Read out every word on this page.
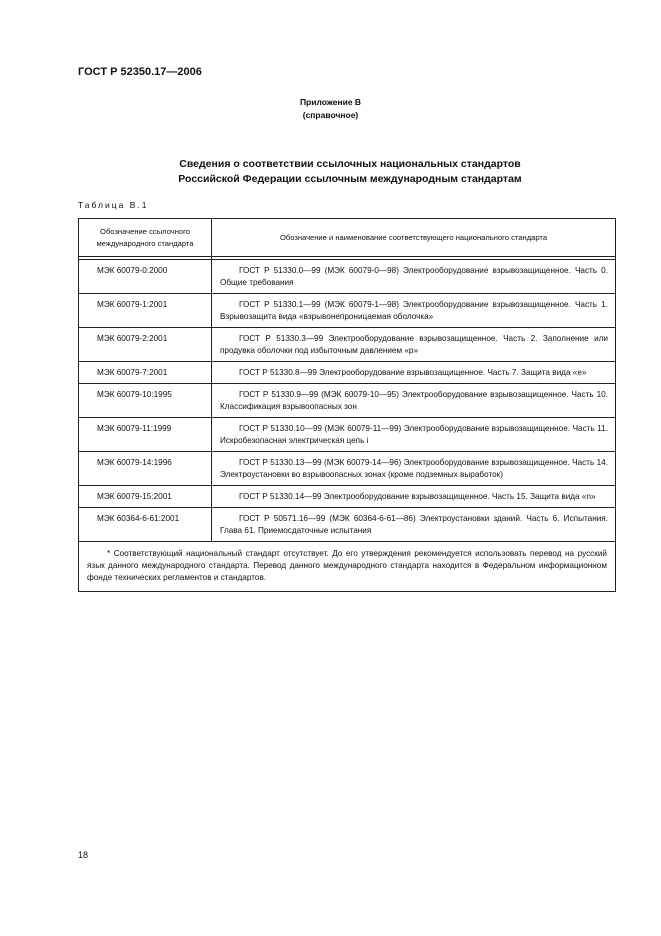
ГОСТ Р 52350.17—2006
Приложение В
(справочное)
Сведения о соответствии ссылочных национальных стандартов
Российской Федерации ссылочным международным стандартам
Таблица В.1
Обозначение ссылочного международного стандарта	Обозначение и наименование соответствующего национального стандарта

МЭК 60079-0:2000	ГОСТ Р 51330.0—99 (МЭК 60079-0—98) Электрооборудование взрывозащищенное. Часть 0. Общие требования
МЭК 60079-1:2001	ГОСТ Р 51330.1—99 (МЭК 60079-1—98) Электрооборудование взрывозащищенное. Часть 1. Взрывозащита вида «взрывонепроницаемая оболочка»
МЭК 60079-2:2001	ГОСТ Р 51330.3—99 Электрооборудование взрывозащищенное. Часть 2. Заполнение или продувка оболочки под избыточным давлением «р»
МЭК 60079-7:2001	ГОСТ Р 51330.8—99 Электрооборудование взрывозащищенное. Часть 7. Защита вида «е»
МЭК 60079-10:1995	ГОСТ Р 51330.9—99 (МЭК 60079-10—95) Электрооборудование взрывозащищенное. Часть 10. Классификация взрывоопасных зон
МЭК 60079-11:1999	ГОСТ Р 51330.10—99 (МЭК 60079-11—99) Электрооборудование взрывозащищенное. Часть 11. Искробезопасная электрическая цепь i
МЭК 60079-14:1996	ГОСТ Р 51330.13—99 (МЭК 60079-14—96) Электрооборудование взрывозащищенное. Часть 14. Электроустановки во взрывоопасных зонах (кроме подземных выработок)
МЭК 60079-15:2001	ГОСТ Р 51330.14—99 Электрооборудование взрывозащищенное. Часть 15. Защита вида «n»
МЭК 60364-6-61:2001	ГОСТ Р 50571.16—99 (МЭК 60364-6-61—86) Электроустановки зданий. Часть 6. Испытания. Глава 61. Приемосдаточные испытания
* Соответствующий национальный стандарт отсутствует. До его утверждения рекомендуется использовать перевод на русский язык данного международного стандарта. Перевод данного международного стандарта находится в Федеральном информационном фонде технических регламентов и стандартов.	
18
